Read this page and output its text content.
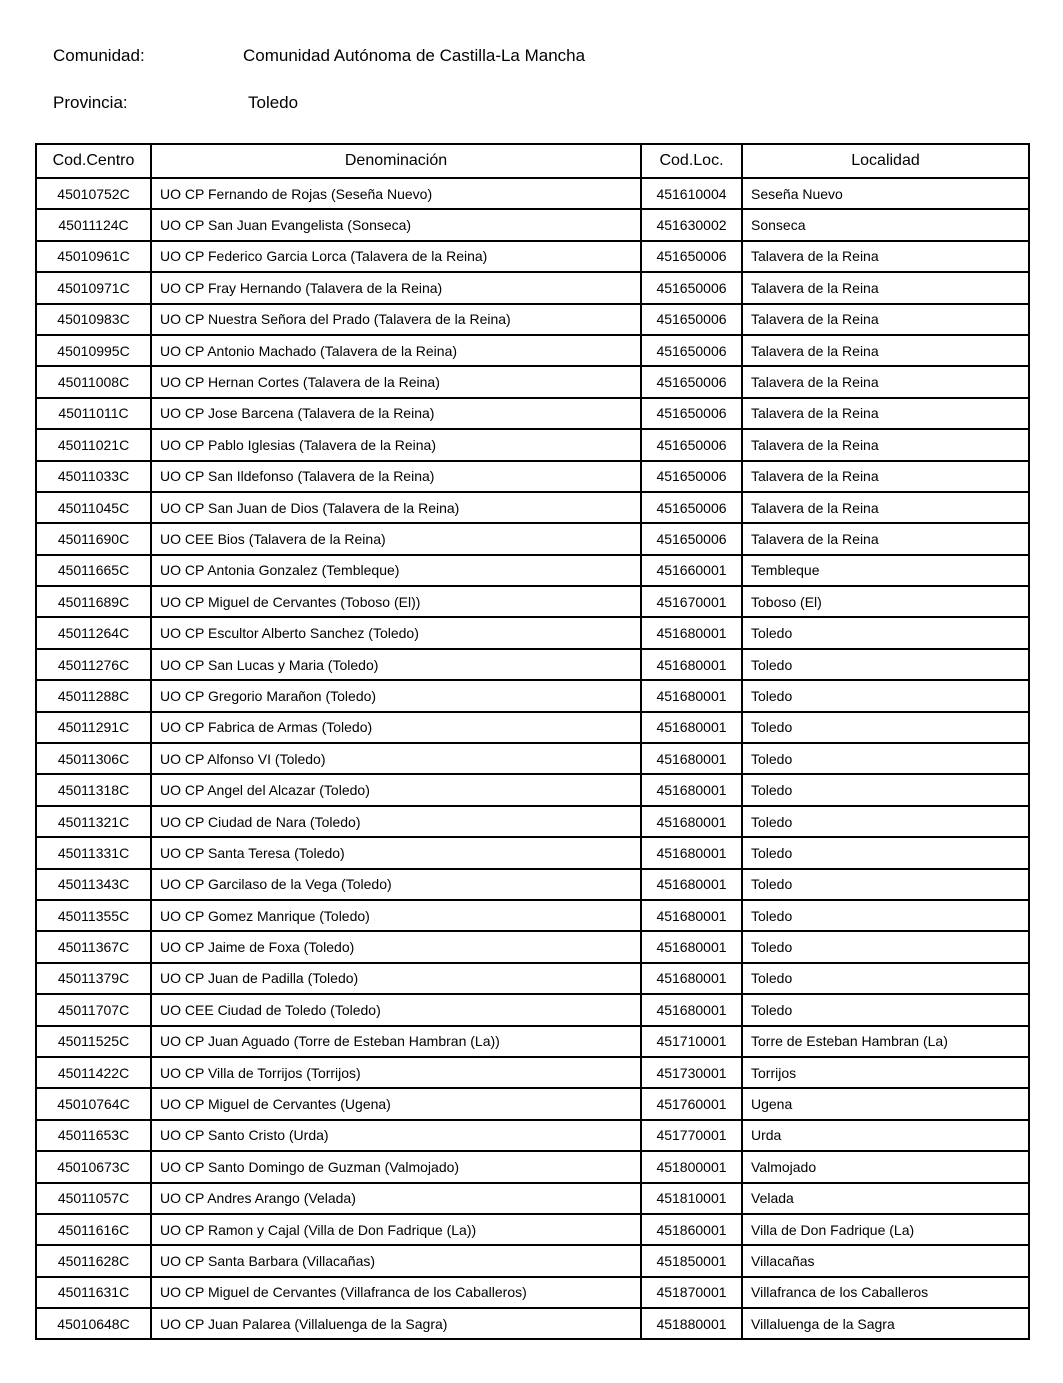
Comunidad:	Comunidad Autónoma de Castilla-La Mancha
Provincia:	Toledo
Cod.Centro	Denominación	Cod.Loc.	Localidad
45010752C	UO CP Fernando de Rojas (Seseña Nuevo)	451610004	Seseña Nuevo
45011124C	UO CP San Juan Evangelista (Sonseca)	451630002	Sonseca
45010961C	UO CP Federico Garcia Lorca (Talavera de la Reina)	451650006	Talavera de la Reina
45010971C	UO CP Fray Hernando (Talavera de la Reina)	451650006	Talavera de la Reina
45010983C	UO CP Nuestra Señora del Prado (Talavera de la Reina)	451650006	Talavera de la Reina
45010995C	UO CP Antonio Machado (Talavera de la Reina)	451650006	Talavera de la Reina
45011008C	UO CP Hernan Cortes (Talavera de la Reina)	451650006	Talavera de la Reina
45011011C	UO CP Jose Barcena (Talavera de la Reina)	451650006	Talavera de la Reina
45011021C	UO CP Pablo Iglesias (Talavera de la Reina)	451650006	Talavera de la Reina
45011033C	UO CP San Ildefonso (Talavera de la Reina)	451650006	Talavera de la Reina
45011045C	UO CP San Juan de Dios (Talavera de la Reina)	451650006	Talavera de la Reina
45011690C	UO CEE Bios (Talavera de la Reina)	451650006	Talavera de la Reina
45011665C	UO CP Antonia Gonzalez (Tembleque)	451660001	Tembleque
45011689C	UO CP Miguel de Cervantes (Toboso (El))	451670001	Toboso (El)
45011264C	UO CP Escultor Alberto Sanchez (Toledo)	451680001	Toledo
45011276C	UO CP San Lucas y Maria (Toledo)	451680001	Toledo
45011288C	UO CP Gregorio Marañon (Toledo)	451680001	Toledo
45011291C	UO CP Fabrica de Armas (Toledo)	451680001	Toledo
45011306C	UO CP Alfonso VI (Toledo)	451680001	Toledo
45011318C	UO CP Angel del Alcazar (Toledo)	451680001	Toledo
45011321C	UO CP Ciudad de Nara (Toledo)	451680001	Toledo
45011331C	UO CP Santa Teresa (Toledo)	451680001	Toledo
45011343C	UO CP Garcilaso de la Vega (Toledo)	451680001	Toledo
45011355C	UO CP Gomez Manrique (Toledo)	451680001	Toledo
45011367C	UO CP Jaime de Foxa (Toledo)	451680001	Toledo
45011379C	UO CP Juan de Padilla (Toledo)	451680001	Toledo
45011707C	UO CEE Ciudad de Toledo (Toledo)	451680001	Toledo
45011525C	UO CP Juan Aguado (Torre de Esteban Hambran (La))	451710001	Torre de Esteban Hambran (La)
45011422C	UO CP Villa de Torrijos (Torrijos)	451730001	Torrijos
45010764C	UO CP Miguel de Cervantes (Ugena)	451760001	Ugena
45011653C	UO CP Santo Cristo (Urda)	451770001	Urda
45010673C	UO CP Santo Domingo de Guzman (Valmojado)	451800001	Valmojado
45011057C	UO CP Andres Arango (Velada)	451810001	Velada
45011616C	UO CP Ramon y Cajal (Villa de Don Fadrique (La))	451860001	Villa de Don Fadrique (La)
45011628C	UO CP Santa Barbara (Villacañas)	451850001	Villacañas
45011631C	UO CP Miguel de Cervantes (Villafranca de los Caballeros)	451870001	Villafranca de los Caballeros
45010648C	UO CP Juan Palarea (Villaluenga de la Sagra)	451880001	Villaluenga de la Sagra
